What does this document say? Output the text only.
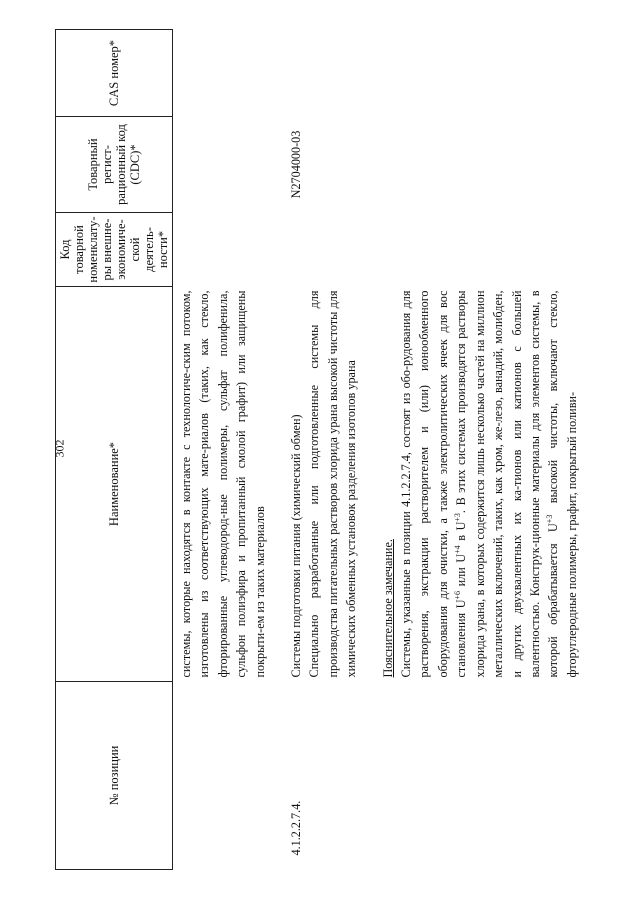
302
№ позиции	Наименование*	Код товарной номенклату-ры внешне-экономиче-ской деятель-ности*	Товарный регист-рационный код (CDC)*	CAS номер*

	системы, которые находятся в контакте с технологиче-ским потоком, изготовлены из соответствующих мате-риалов (таких, как стекло, фторированные углеводород-ные полимеры, сульфат полифенила, сульфон полиэфира и пропитанный смолой графит) или защищены покрыти-ем из таких материалов			

4.1.2.2.7.4.	Системы подготовки питания (химический обмен) Специально разработанные или подготовленные системы для производства питательных растворов хлорида урана высокой чистоты для химических обменных установок разделения изотопов урана Пояснительное замечание. Системы, указанные в позиции 4.1.2.2.7.4, состоят из обо-рудования для растворения, экстракции растворителем и (или) ионообменного оборудования для очистки, а также электролитических ячеек для вос становления $U^{+6}$ или $U^{+4}$ в $U^{+3}$. В этих системах производятся растворы хлорида урана, в которых содержится лишь несколько частей на миллион металлических включений, таких, как хром, же-лезо, ванадий, молибден, и других двухвалентных их ка-тионов или катионов с большей валентностью. Конструк-ционные материалы для элементов системы, в которой обрабатывается $U^{+3}$ высокой чистоты, включают стекло, фторуглеродные полимеры, графит, покрытый поливи-		N2704000-03	
